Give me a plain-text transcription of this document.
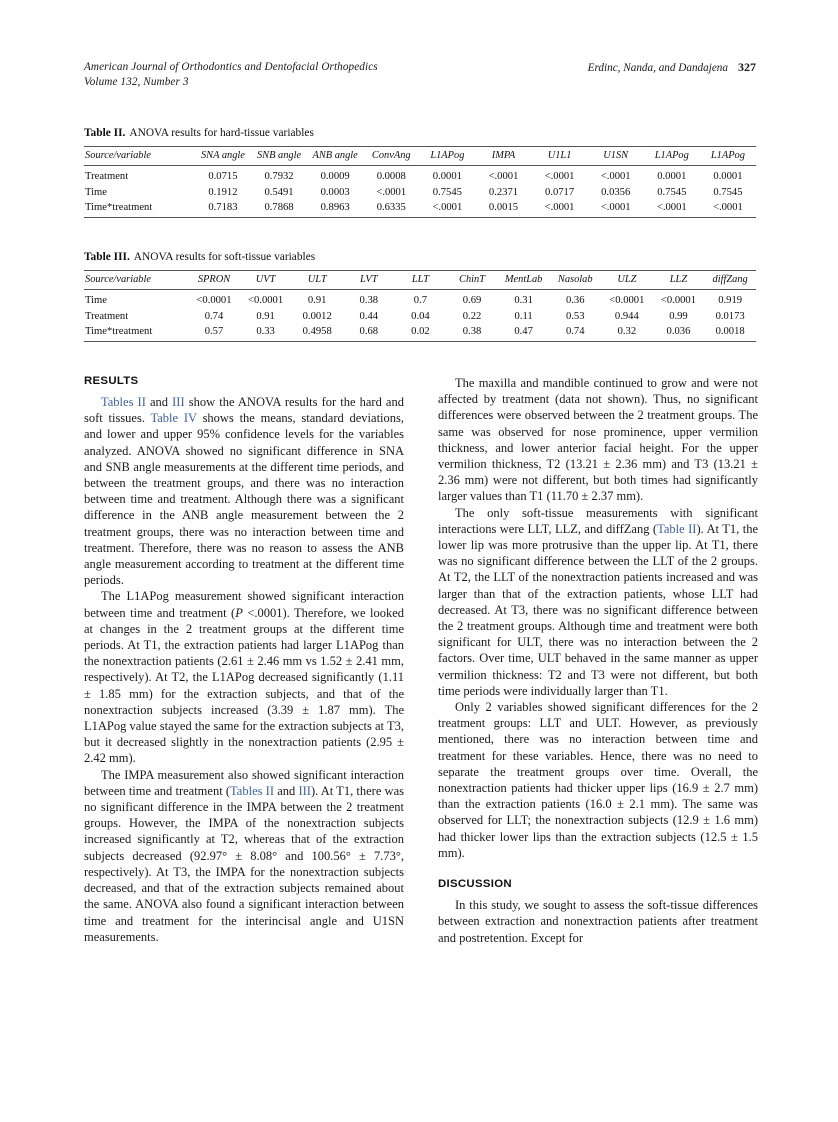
American Journal of Orthodontics and Dentofacial Orthopedics
Volume 132, Number 3
Erdinc, Nanda, and Dandajena 327
Table II. ANOVA results for hard-tissue variables
Source/variable	SNA angle	SNB angle	ANB angle	ConvAng	L1APog	IMPA	U1L1	U1SN	L1APog	L1APog
Treatment	0.0715	0.7932	0.0009	0.0008	0.0001	<.0001	<.0001	<.0001	0.0001	0.0001
Time	0.1912	0.5491	0.0003	<.0001	0.7545	0.2371	0.0717	0.0356	0.7545	0.7545
Time*treatment	0.7183	0.7868	0.8963	0.6335	<.0001	0.0015	<.0001	<.0001	<.0001	<.0001
Table III. ANOVA results for soft-tissue variables
Source/variable	SPRON	UVT	ULT	LVT	LLT	ChinT	MentLab	Nasolab	ULZ	LLZ	diffZang
Time	<0.0001	<0.0001	0.91	0.38	0.7	0.69	0.31	0.36	<0.0001	<0.0001	0.919
Treatment	0.74	0.91	0.0012	0.44	0.04	0.22	0.11	0.53	0.944	0.99	0.0173
Time*treatment	0.57	0.33	0.4958	0.68	0.02	0.38	0.47	0.74	0.32	0.036	0.0018
RESULTS

Tables II and III show the ANOVA results for the hard and soft tissues. Table IV shows the means, standard deviations, and lower and upper 95% confidence levels for the variables analyzed. ANOVA showed no significant difference in SNA and SNB angle measurements at the different time periods, and between the treatment groups, and there was no interaction between time and treatment. Although there was a significant difference in the ANB angle measurement between the 2 treatment groups, there was no interaction between time and treatment. Therefore, there was no reason to assess the ANB angle measurement according to treatment at the different time periods.

The L1APog measurement showed significant interaction between time and treatment (P <.0001). Therefore, we looked at changes in the 2 treatment groups at the different time periods. At T1, the extraction patients had larger L1APog than the nonextraction patients (2.61 ± 2.46 mm vs 1.52 ± 2.41 mm, respectively). At T2, the L1APog decreased significantly (1.11 ± 1.85 mm) for the extraction subjects, and that of the nonextraction subjects increased (3.39 ± 1.87 mm). The L1APog value stayed the same for the extraction subjects at T3, but it decreased slightly in the nonextraction patients (2.95 ± 2.42 mm).

The IMPA measurement also showed significant interaction between time and treatment (Tables II and III). At T1, there was no significant difference in the IMPA between the 2 treatment groups. However, the IMPA of the nonextraction subjects increased significantly at T2, whereas that of the extraction subjects decreased (92.97° ± 8.08° and 100.56° ± 7.73°, respectively). At T3, the IMPA for the nonextraction subjects decreased, and that of the extraction subjects remained about the same. ANOVA also found a significant interaction between time and treatment for the interincisal angle and U1SN measurements.

The maxilla and mandible continued to grow and were not affected by treatment (data not shown). Thus, no significant differences were observed between the 2 treatment groups. The same was observed for nose prominence, upper vermilion thickness, and lower anterior facial height. For the upper vermilion thickness, T2 (13.21 ± 2.36 mm) and T3 (13.21 ± 2.36 mm) were not different, but both times had significantly larger values than T1 (11.70 ± 2.37 mm).

The only soft-tissue measurements with significant interactions were LLT, LLZ, and diffZang (Table II). At T1, the lower lip was more protrusive than the upper lip. At T1, there was no significant difference between the LLT of the 2 groups. At T2, the LLT of the nonextraction patients increased and was larger than that of the extraction patients, whose LLT had decreased. At T3, there was no significant difference between the 2 treatment groups. Although time and treatment were both significant for ULT, there was no interaction between the 2 factors. Over time, ULT behaved in the same manner as upper vermilion thickness: T2 and T3 were not different, but both time periods were individually larger than T1.

Only 2 variables showed significant differences for the 2 treatment groups: LLT and ULT. However, as previously mentioned, there was no interaction between time and treatment for these variables. Hence, there was no need to separate the treatment groups over time. Overall, the nonextraction patients had thicker upper lips (16.9 ± 2.7 mm) than the extraction patients (16.0 ± 2.1 mm). The same was observed for LLT; the nonextraction subjects (12.9 ± 1.6 mm) had thicker lower lips than the extraction subjects (12.5 ± 1.5 mm).

DISCUSSION

In this study, we sought to assess the soft-tissue differences between extraction and nonextraction patients after treatment and postretention. Except for
